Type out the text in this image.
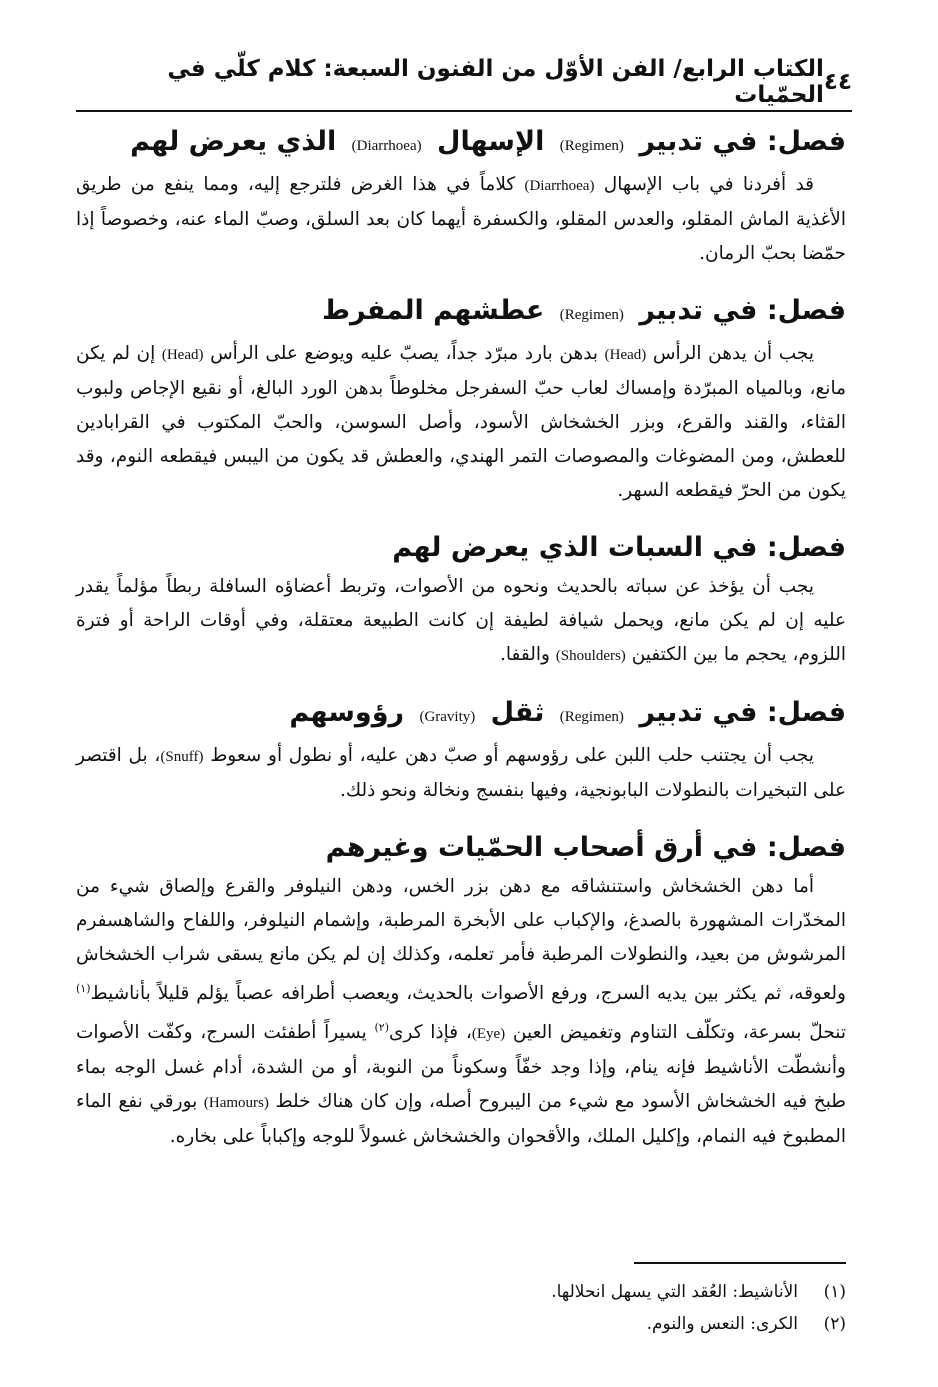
٤٤
الكتاب الرابع/ الفن الأوّل من الفنون السبعة: كلام كلّي في الحمّيات
فصل: في تدبير (Regimen) الإسهال (Diarrhoea) الذي يعرض لهم

قد أفردنا في باب الإسهال (Diarrhoea) كلاماً في هذا الغرض فلترجع إليه، ومما ينفع من طريق الأغذية الماش المقلو، والعدس المقلو، والكسفرة أيهما كان بعد السلق، وصبّ الماء عنه، وخصوصاً إذا حمّضا بحبّ الرمان.

فصل: في تدبير (Regimen) عطشهم المفرط

يجب أن يدهن الرأس (Head) بدهن بارد مبرّد جداً، يصبّ عليه ويوضع على الرأس (Head) إن لم يكن مانع، وبالمياه المبرّدة وإمساك لعاب حبّ السفرجل مخلوطاً بدهن الورد البالغ، أو نقيع الإجاص ولبوب القثاء، والقند والقرع، وبزر الخشخاش الأسود، وأصل السوسن، والحبّ المكتوب في القرابادين للعطش، ومن المضوغات والمصوصات التمر الهندي، والعطش قد يكون من اليبس فيقطعه النوم، وقد يكون من الحرّ فيقطعه السهر.

فصل: في السبات الذي يعرض لهم

يجب أن يؤخذ عن سباته بالحديث ونحوه من الأصوات، وتربط أعضاؤه السافلة ربطاً مؤلماً يقدر عليه إن لم يكن مانع، ويحمل شيافة لطيفة إن كانت الطبيعة معتقلة، وفي أوقات الراحة أو فترة اللزوم، يحجم ما بين الكتفين (Shoulders) والقفا.

فصل: في تدبير (Regimen) ثقل (Gravity) رؤوسهم

يجب أن يجتنب حلب اللبن على رؤوسهم أو صبّ دهن عليه، أو نطول أو سعوط (Snuff)، بل اقتصر على التبخيرات بالنطولات البابونجية، وفيها بنفسج ونخالة ونحو ذلك.

فصل: في أرق أصحاب الحمّيات وغيرهم

أما دهن الخشخاش واستنشاقه مع دهن بزر الخس، ودهن النيلوفر والقرع وإلصاق شيء من المخدّرات المشهورة بالصدغ، والإكباب على الأبخرة المرطبة، وإشمام النيلوفر، واللفاح والشاهسفرم المرشوش من بعيد، والنطولات المرطبة فأمر تعلمه، وكذلك إن لم يكن مانع يسقى شراب الخشخاش ولعوقه، ثم يكثر بين يديه السرج، ورفع الأصوات بالحديث، ويعصب أطرافه عصباً يؤلم قليلاً بأناشيط$^{(١)}$ تنحلّ بسرعة، وتكلّف التناوم وتغميض العين (Eye)، فإذا كرى$^{(٢)}$ يسيراً أطفئت السرج، وكفّت الأصوات وأنشطّت الأناشيط فإنه ينام، وإذا وجد خفّاً وسكوناً من النوبة، أو من الشدة، أدام غسل الوجه بماء طبخ فيه الخشخاش الأسود مع شيء من اليبروح أصله، وإن كان هناك خلط (Hamours) بورقي نفع الماء المطبوخ فيه النمام، وإكليل الملك، والأقحوان والخشخاش غسولاً للوجه وإكباباً على بخاره.

(١)
الأناشيط: العُقد التي يسهل انحلالها.
(٢)
الكرى: النعس والنوم.
